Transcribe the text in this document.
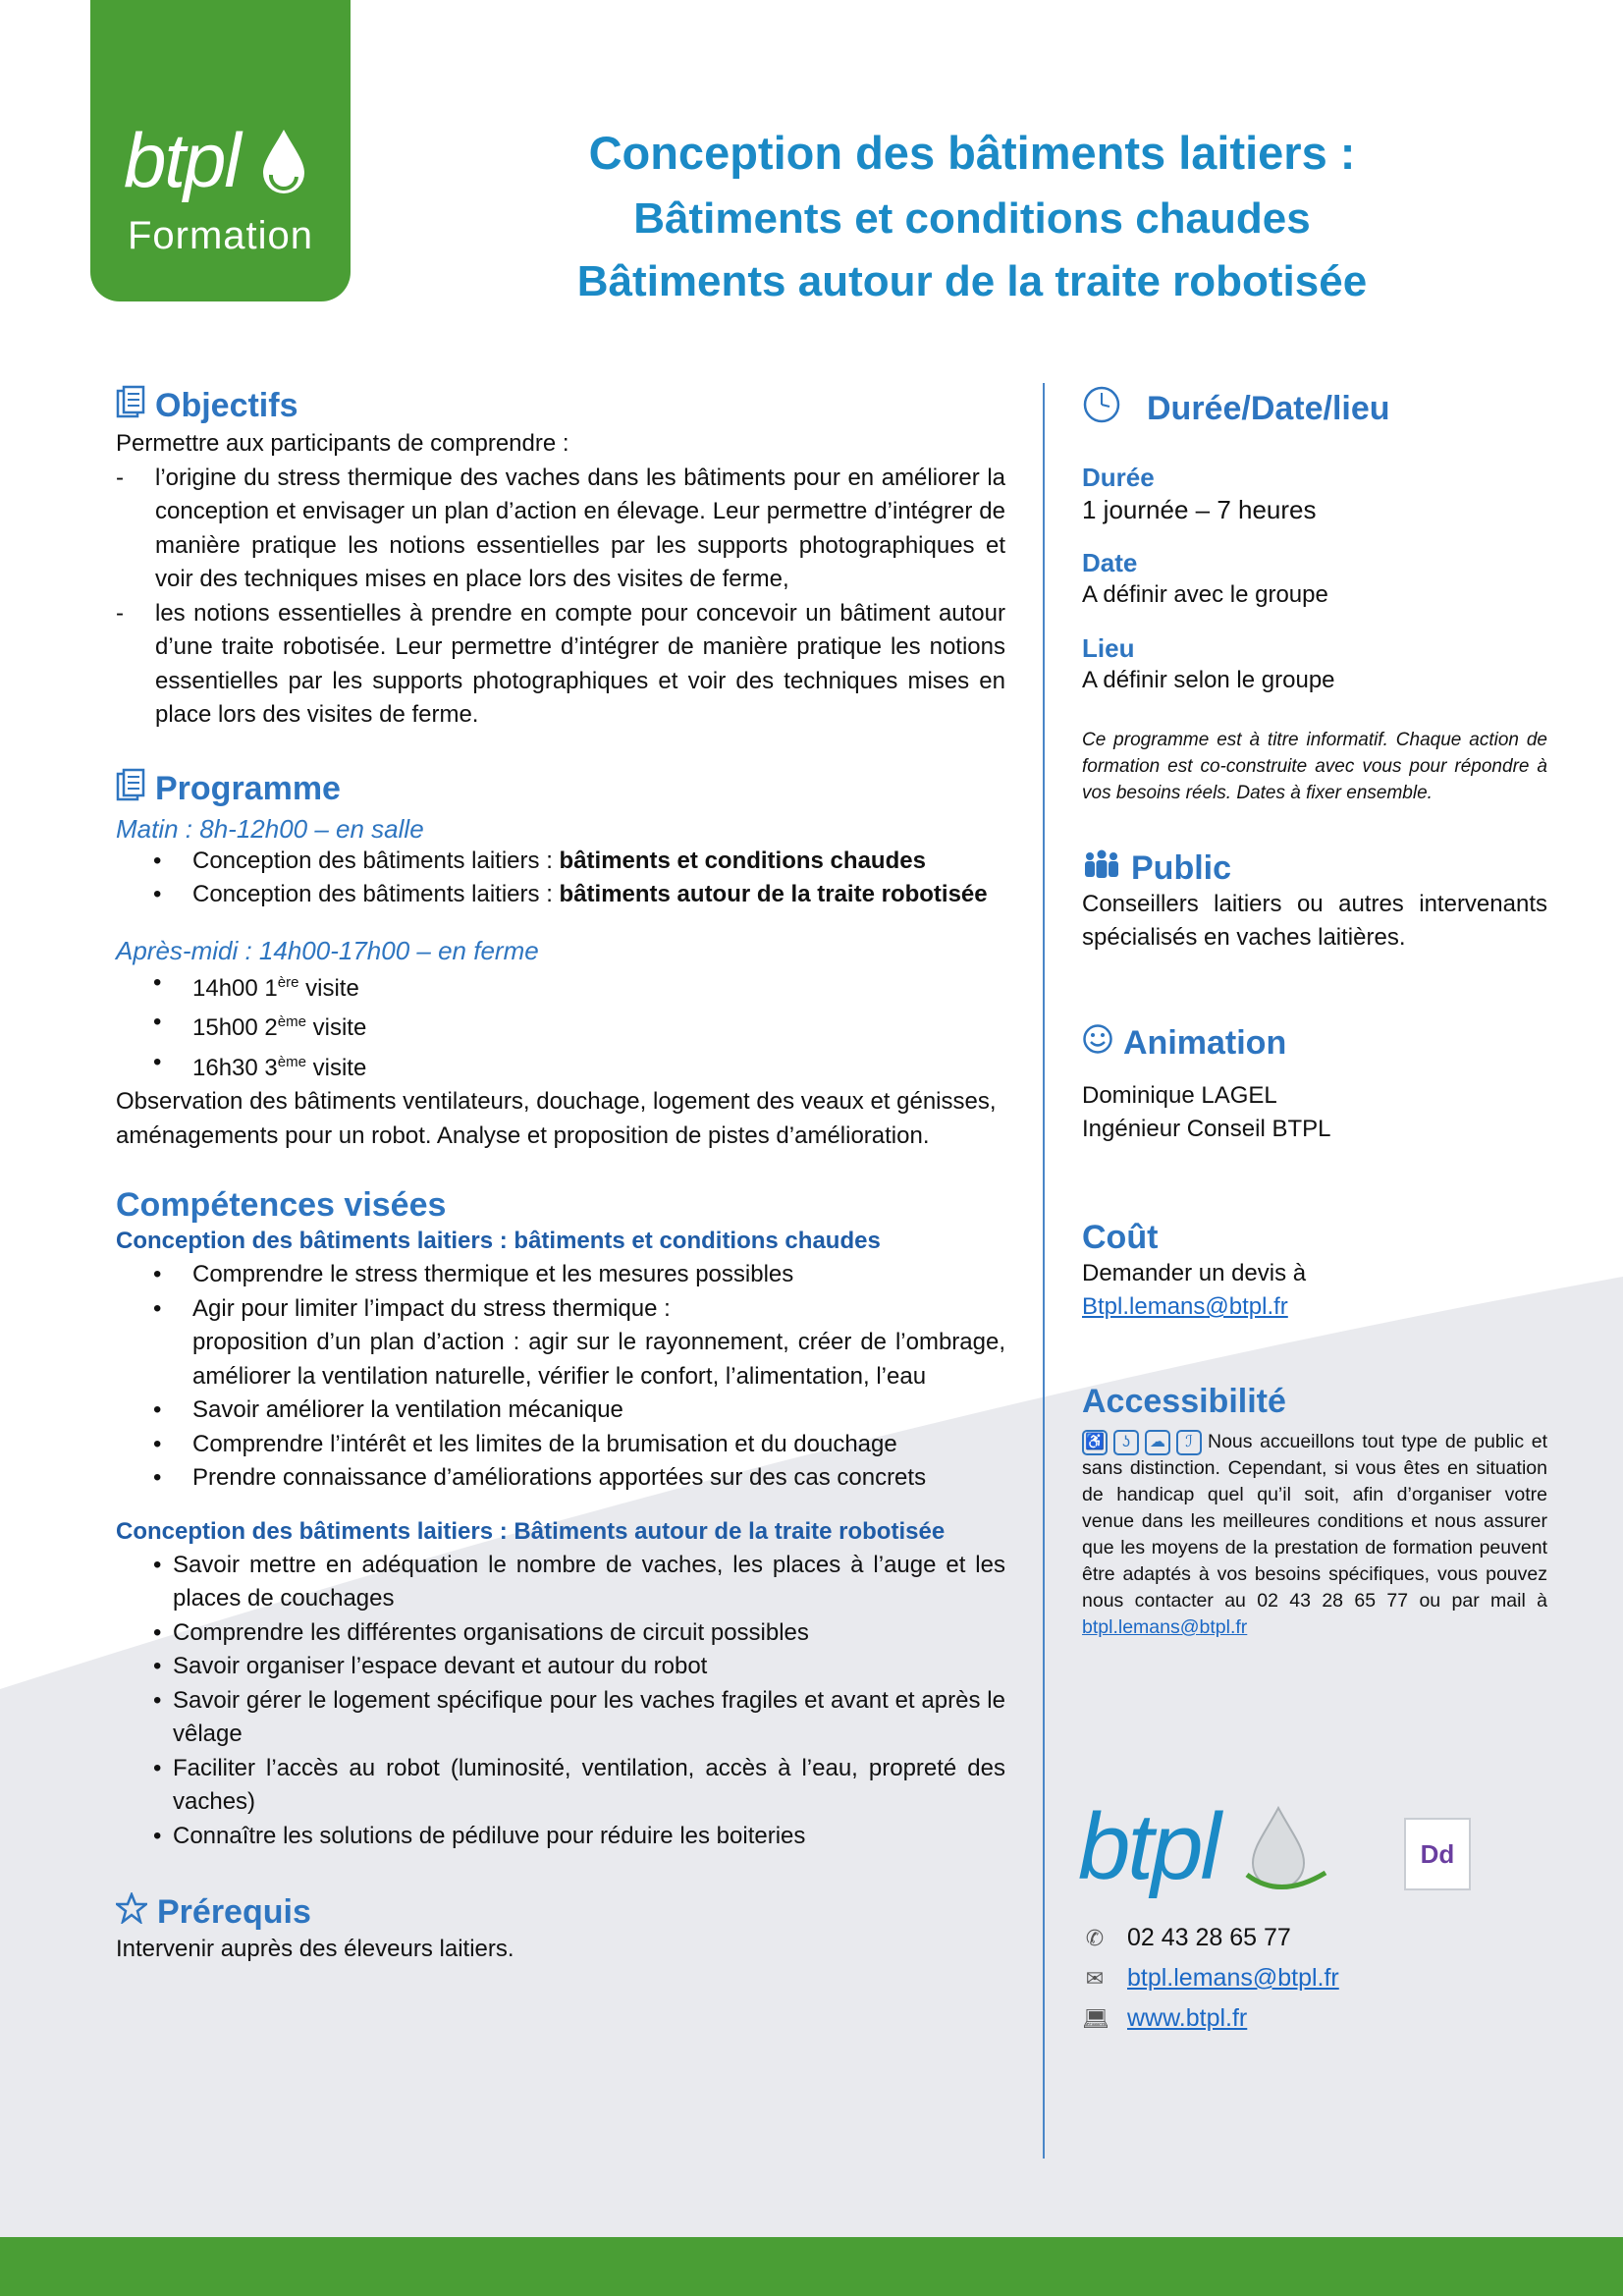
btpl
Formation
Conception des bâtiments laitiers :
Bâtiments et conditions chaudes
Bâtiments autour de la traite robotisée
Objectifs
Permettre aux participants de comprendre :
-	l’origine du stress thermique des vaches dans les bâtiments pour en améliorer la conception et envisager un plan d’action en élevage. Leur permettre d’intégrer de manière pratique les notions essentielles par les supports photographiques et voir des techniques mises en place lors des visites de ferme,
-	les notions essentielles à prendre en compte pour concevoir un bâtiment autour d’une traite robotisée. Leur permettre d’intégrer de manière pratique les notions essentielles par les supports photographiques et voir des techniques mises en place lors des visites de ferme.
Programme
Matin : 8h-12h00 – en salle
• Conception des bâtiments laitiers : bâtiments et conditions chaudes
• Conception des bâtiments laitiers : bâtiments autour de la traite robotisée
Après-midi : 14h00-17h00 – en ferme
• 14h00 1ère visite
• 15h00 2ème visite
• 16h30 3ème visite
Observation des bâtiments ventilateurs, douchage, logement des veaux et génisses, aménagements pour un robot. Analyse et proposition de pistes d’amélioration.
Compétences visées
Conception des bâtiments laitiers : bâtiments et conditions chaudes
• Comprendre le stress thermique et les mesures possibles
• Agir pour limiter l’impact du stress thermique :
proposition d’un plan d’action : agir sur le rayonnement, créer de l’ombrage, améliorer la ventilation naturelle, vérifier le confort, l’alimentation, l’eau
• Savoir améliorer la ventilation mécanique
• Comprendre l’intérêt et les limites de la brumisation et du douchage
• Prendre connaissance d’améliorations apportées sur des cas concrets
Conception des bâtiments laitiers : Bâtiments autour de la traite robotisée
• Savoir mettre en adéquation le nombre de vaches, les places à l’auge et les places de couchages
• Comprendre les différentes organisations de circuit possibles
• Savoir organiser l’espace devant et autour du robot
• Savoir gérer le logement spécifique pour les vaches fragiles et avant et après le vêlage
• Faciliter l’accès au robot (luminosité, ventilation, accès à l’eau, propreté des vaches)
• Connaître les solutions de pédiluve pour réduire les boiteries
Prérequis
Intervenir auprès des éleveurs laitiers.
Durée/Date/lieu
Durée
1 journée – 7 heures
Date
A définir avec le groupe
Lieu
A définir selon le groupe
Ce programme est à titre informatif. Chaque action de formation est co-construite avec vous pour répondre à vos besoins réels. Dates à fixer ensemble.
Public
Conseillers laitiers ou autres intervenants spécialisés en vaches laitières.
Animation
Dominique LAGEL
Ingénieur Conseil BTPL
Coût
Demander un devis à
Btpl.lemans@btpl.fr
Accessibilité
♿	ʖ	☁	ℐ Nous accueillons tout type de public et sans distinction. Cependant, si vous êtes en situation de handicap quel qu’il soit, afin d’organiser votre venue dans les meilleures conditions et nous assurer que les moyens de la prestation de formation peuvent être adaptés à vos besoins spécifiques, vous pouvez nous contacter au 02 43 28 65 77 ou par mail à btpl.lemans@btpl.fr
btpl	Dd
✆ 02 43 28 65 77
✉ btpl.lemans@btpl.fr
💻︎ www.btpl.fr
